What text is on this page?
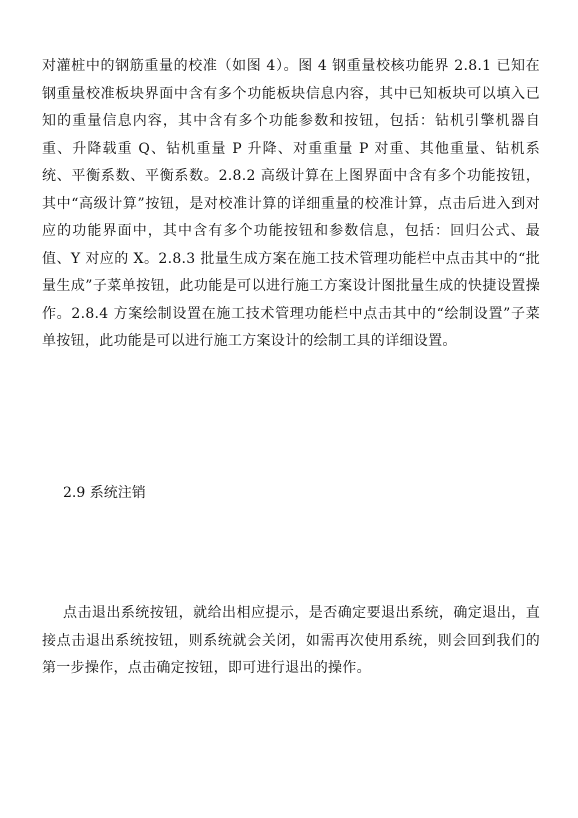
对灌桩中的钢筋重量的校准（如图 4）。图 4 钢重量校核功能界 2.8.1 已知在钢重量校准板块界面中含有多个功能板块信息内容，其中已知板块可以填入已知的重量信息内容，其中含有多个功能参数和按钮，包括：钻机引擎机器自重、升降载重 Q、钻机重量 P 升降、对重重量 P 对重、其他重量、钻机系统、平衡系数、平衡系数。2.8.2 高级计算在上图界面中含有多个功能按钮，其中“高级计算”按钮，是对校准计算的详细重量的校准计算，点击后进入到对应的功能界面中，其中含有多个功能按钮和参数信息，包括：回归公式、最值、Y 对应的 X。2.8.3 批量生成方案在施工技术管理功能栏中点击其中的“批量生成”子菜单按钮，此功能是可以进行施工方案设计图批量生成的快捷设置操作。2.8.4 方案绘制设置在施工技术管理功能栏中点击其中的“绘制设置”子菜单按钮，此功能是可以进行施工方案设计的绘制工具的详细设置。

2.9 系统注销

点击退出系统按钮，就给出相应提示，是否确定要退出系统，确定退出，直接点击退出系统按钮，则系统就会关闭，如需再次使用系统，则会回到我们的第一步操作，点击确定按钮，即可进行退出的操作。
